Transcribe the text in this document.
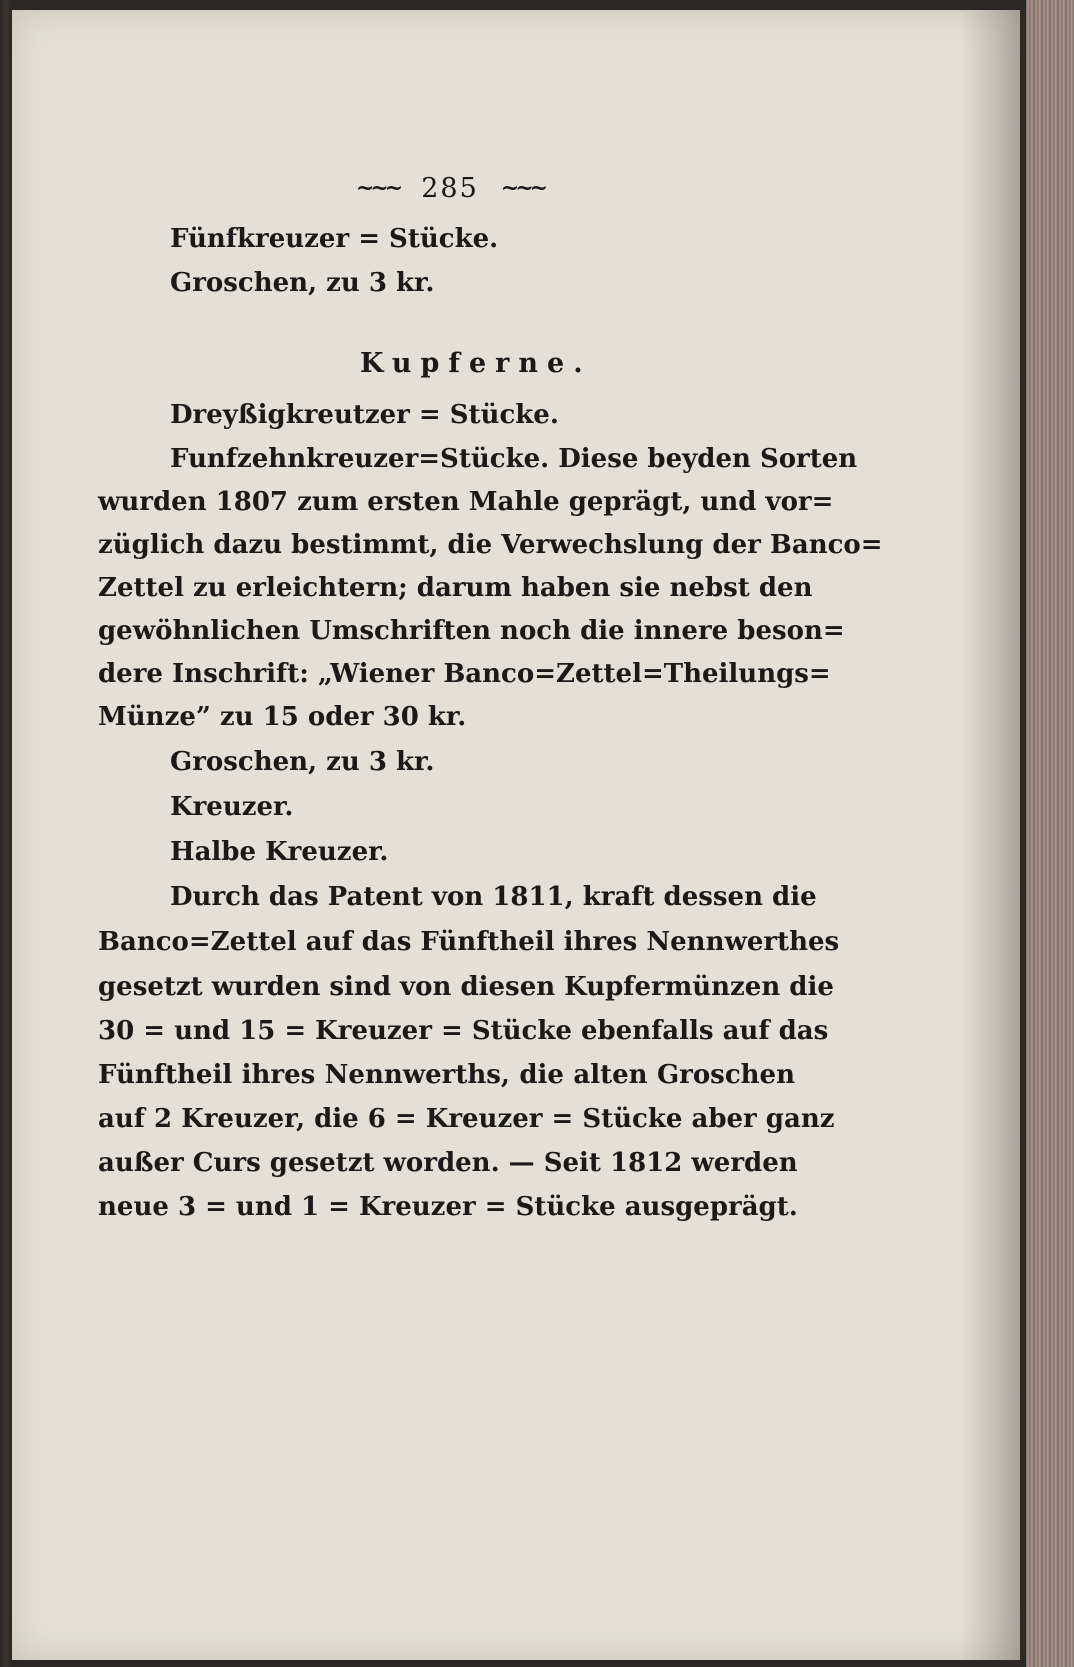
~~~ 285 ~~~
Fünfkreuzer = Stücke.
Groschen, zu 3 kr.
Kupferne.
Dreyßigkreutzer = Stücke.
Funfzehnkreuzer=Stücke. Diese beyden Sorten
wurden 1807 zum ersten Mahle geprägt, und vor=
züglich dazu bestimmt, die Verwechslung der Banco=
Zettel zu erleichtern; darum haben sie nebst den
gewöhnlichen Umschriften noch die innere beson=
dere Inschrift: „Wiener Banco=Zettel=Theilungs=
Münze” zu 15 oder 30 kr.
Groschen, zu 3 kr.
Kreuzer.
Halbe Kreuzer.
Durch das Patent von 1811, kraft dessen die
Banco=Zettel auf das Fünftheil ihres Nennwerthes
gesetzt wurden sind von diesen Kupfermünzen die
30 = und 15 = Kreuzer = Stücke ebenfalls auf das
Fünftheil ihres Nennwerths, die alten Groschen
auf 2 Kreuzer, die 6 = Kreuzer = Stücke aber ganz
außer Curs gesetzt worden. — Seit 1812 werden
neue 3 = und 1 = Kreuzer = Stücke ausgeprägt.
